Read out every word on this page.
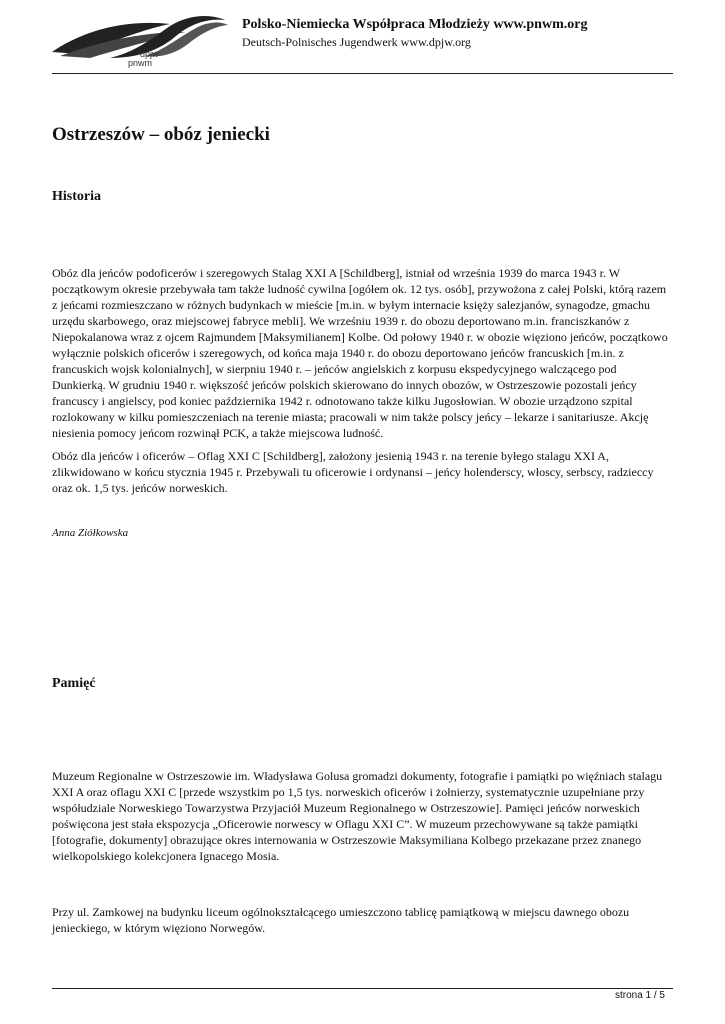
dpjw
pnwm
Polsko-Niemiecka Współpraca Młodzieży www.pnwm.org
Deutsch-Polnisches Jugendwerk www.dpjw.org
Ostrzeszów – obóz jeniecki
Historia

Obóz dla jeńców podoficerów i szeregowych Stalag XXI A [Schildberg], istniał od września 1939 do marca 1943 r. W
początkowym okresie przebywała tam także ludność cywilna [ogółem ok. 12 tys. osób], przywożona z całej Polski, którą razem
z jeńcami rozmieszczano w różnych budynkach w mieście [m.in. w byłym internacie księży salezjanów, synagodze, gmachu
urzędu skarbowego, oraz miejscowej fabryce mebli]. We wrześniu 1939 r. do obozu deportowano m.in. franciszkanów z
Niepokalanowa wraz z ojcem Rajmundem [Maksymilianem] Kolbe. Od połowy 1940 r. w obozie więziono jeńców, początkowo
wyłącznie polskich oficerów i szeregowych, od końca maja 1940 r. do obozu deportowano jeńców francuskich [m.in. z
francuskich wojsk kolonialnych], w sierpniu 1940 r. – jeńców angielskich z korpusu ekspedycyjnego walczącego pod
Dunkierką. W grudniu 1940 r. większość jeńców polskich skierowano do innych obozów, w Ostrzeszowie pozostali jeńcy
francuscy i angielscy, pod koniec października 1942 r. odnotowano także kilku Jugosłowian. W obozie urządzono szpital
rozlokowany w kilku pomieszczeniach na terenie miasta; pracowali w nim także polscy jeńcy – lekarze i sanitariusze. Akcję
niesienia pomocy jeńcom rozwinął PCK, a także miejscowa ludność.

Obóz dla jeńców i oficerów – Oflag XXI C [Schildberg], założony jesienią 1943 r. na terenie byłego stalagu XXI A,
zlikwidowano w końcu stycznia 1945 r. Przebywali tu oficerowie i ordynansi – jeńcy holenderscy, włoscy, serbscy, radzieccy
oraz ok. 1,5 tys. jeńców norweskich.

Anna Ziółkowska

Pamięć

Muzeum Regionalne w Ostrzeszowie im. Władysława Golusa gromadzi dokumenty, fotografie i pamiątki po więźniach stalagu
XXI A oraz oflagu XXI C [przede wszystkim po 1,5 tys. norweskich oficerów i żołnierzy, systematycznie uzupełniane przy
współudziale Norweskiego Towarzystwa Przyjaciół Muzeum Regionalnego w Ostrzeszowie]. Pamięci jeńców norweskich
poświęcona jest stała ekspozycja „Oficerowie norwescy w Oflagu XXI C”. W muzeum przechowywane są także pamiątki
[fotografie, dokumenty] obrazujące okres internowania w Ostrzeszowie Maksymiliana Kolbego przekazane przez znanego
wielkopolskiego kolekcjonera Ignacego Mosia.

Przy ul. Zamkowej na budynku liceum ogólnokształcącego umieszczono tablicę pamiątkową w miejscu dawnego obozu
jenieckiego, w którym więziono Norwegów.

strona 1 / 5
